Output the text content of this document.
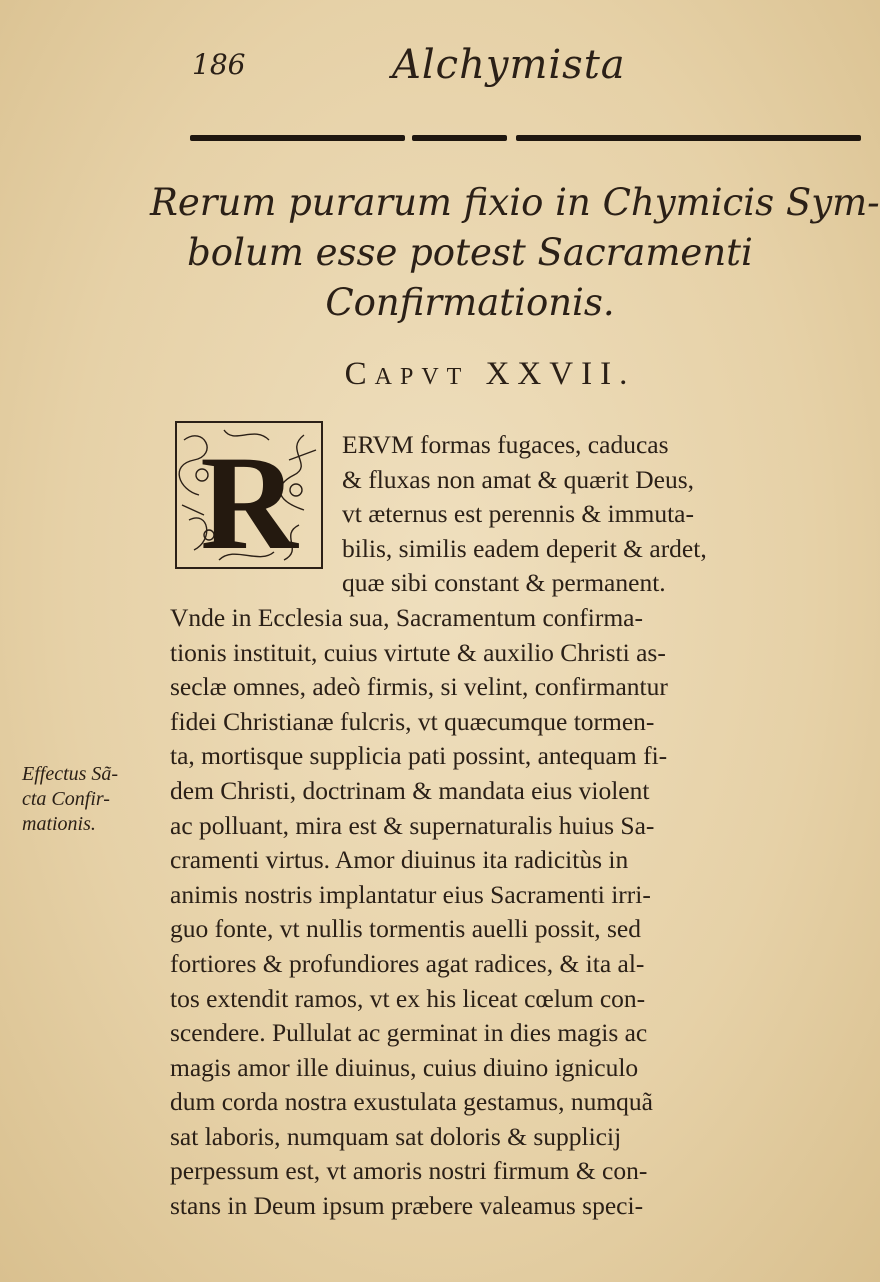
186	Alchymista
Rerum purarum fixio in Chymicis Sym-
bolum esse potest Sacramenti
Confirmationis.
CAPVT XXVII.
R	ERVM formas fugaces, caducas
& fluxas non amat & quærit Deus,
vt æternus est perennis & immuta-
bilis, similis eadem deperit & ardet,
quæ sibi constant & permanent.
Vnde in Ecclesia sua, Sacramentum confirma-
tionis instituit, cuius virtute & auxilio Christi as-
seclæ omnes, adeò firmis, si velint, confirmantur
fidei Christianæ fulcris, vt quæcumque tormen-
ta, mortisque supplicia pati possint, antequam fi-
dem Christi, doctrinam & mandata eius violent
ac polluant, mira est & supernaturalis huius Sa-
cramenti virtus. Amor diuinus ita radicitùs in
animis nostris implantatur eius Sacramenti irri-
guo fonte, vt nullis tormentis auelli possit, sed
fortiores & profundiores agat radices, & ita al-
tos extendit ramos, vt ex his liceat cœlum con-
scendere. Pullulat ac germinat in dies magis ac
magis amor ille diuinus, cuius diuino igniculo
dum corda nostra exustulata gestamus, numquã
sat laboris, numquam sat doloris & supplicij
perpessum est, vt amoris nostri firmum & con-
stans in Deum ipsum præbere valeamus speci-
Effectus Sã-
cta Confir-
mationis.
